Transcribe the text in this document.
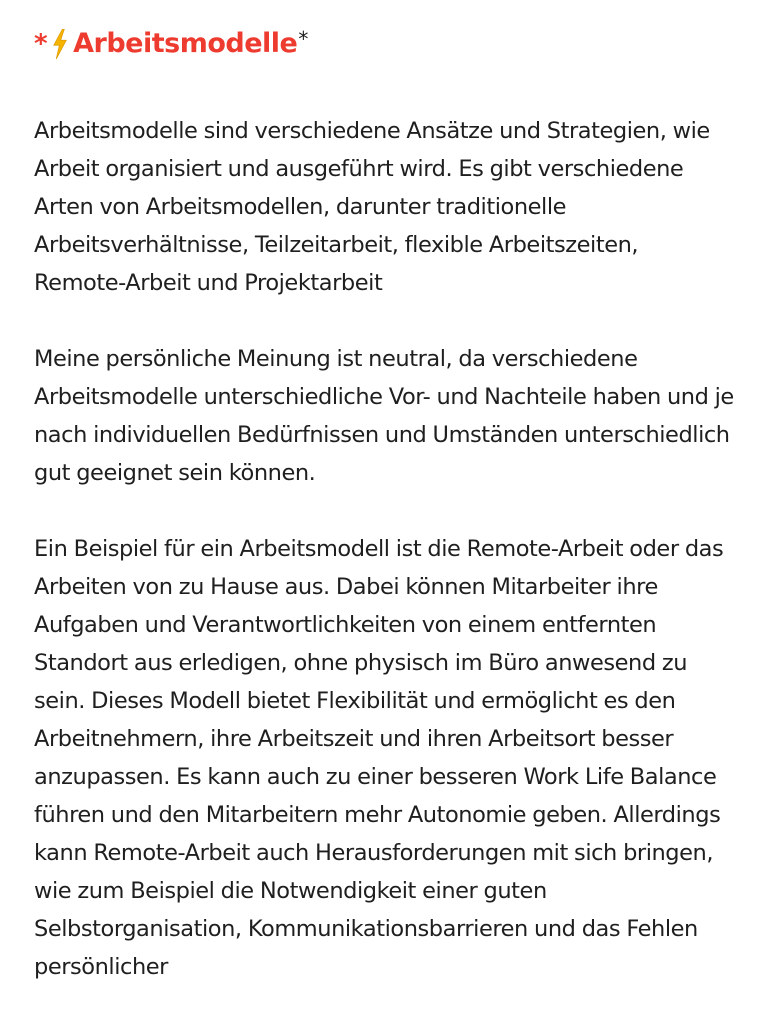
* Arbeitsmodelle *

Arbeitsmodelle sind verschiedene Ansätze und Strategien, wie Arbeit organisiert und ausgeführt wird. Es gibt verschiedene Arten von Arbeitsmodellen, darunter traditionelle Arbeitsverhältnisse, Teilzeitarbeit, flexible Arbeitszeiten, Remote-Arbeit und Projektarbeit

Meine persönliche Meinung ist neutral, da verschiedene Arbeitsmodelle unterschiedliche Vor- und Nachteile haben und je nach individuellen Bedürfnissen und Umständen unterschiedlich gut geeignet sein können.

Ein Beispiel für ein Arbeitsmodell ist die Remote-Arbeit oder das Arbeiten von zu Hause aus. Dabei können Mitarbeiter ihre Aufgaben und Verantwortlichkeiten von einem entfernten Standort aus erledigen, ohne physisch im Büro anwesend zu sein. Dieses Modell bietet Flexibilität und ermöglicht es den Arbeitnehmern, ihre Arbeitszeit und ihren Arbeitsort besser anzupassen. Es kann auch zu einer besseren Work Life Balance führen und den Mitarbeitern mehr Autonomie geben. Allerdings kann Remote-Arbeit auch Herausforderungen mit sich bringen, wie zum Beispiel die Notwendigkeit einer guten Selbstorganisation, Kommunikationsbarrieren und das Fehlen persönlicher
